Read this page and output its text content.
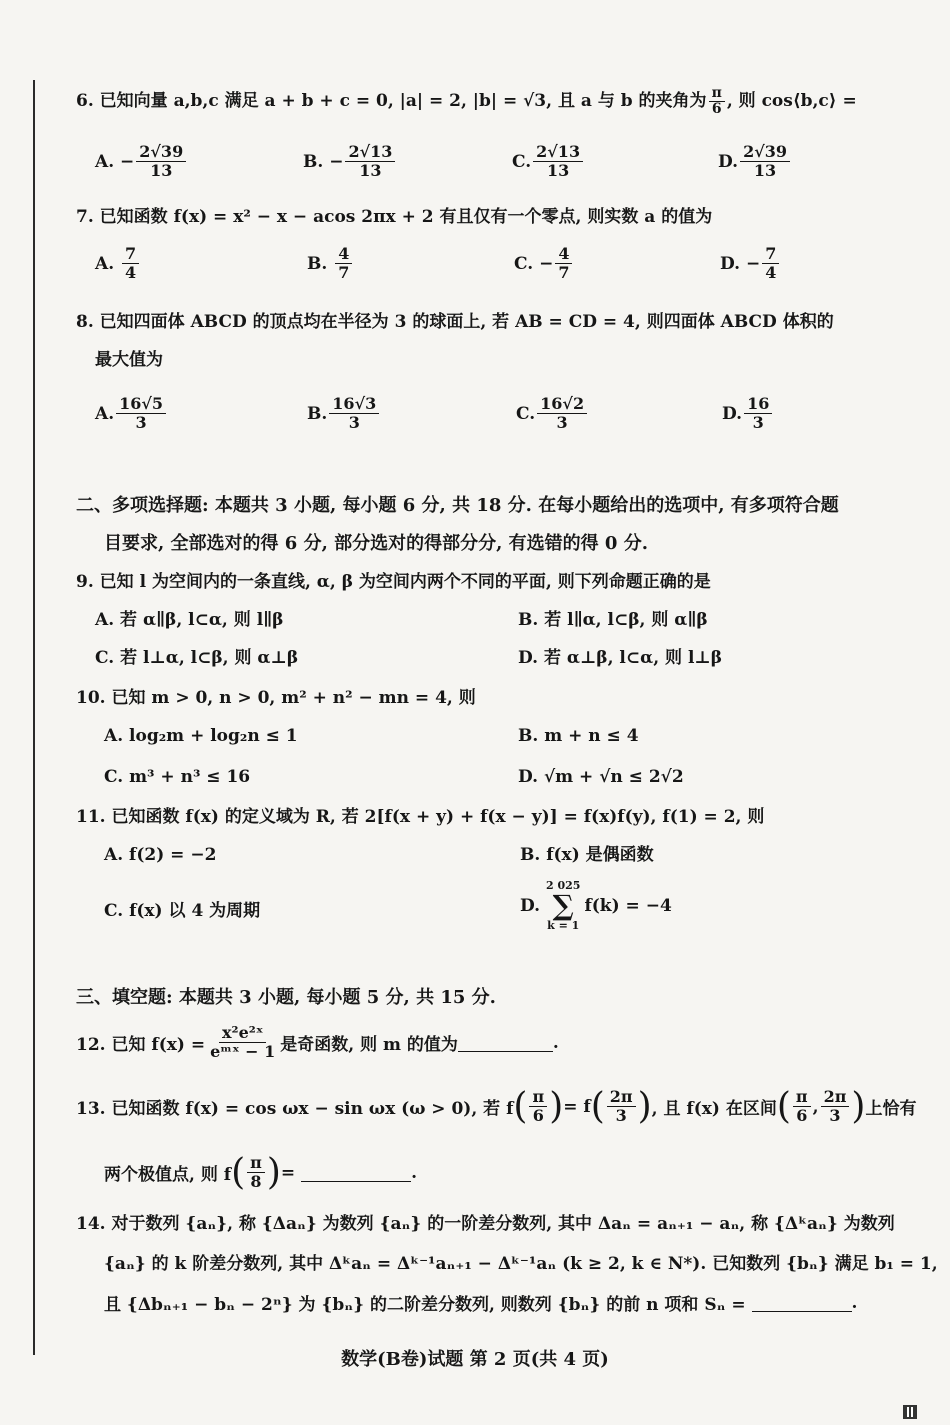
6. 已知向量 a,b,c 满足 a + b + c = 0, |a| = 2, |b| = √3, 且 a 与 b 的夹角为 $\frac{\pi}{6}$ , 则 cos⟨b,c⟩ =
A.
− $\frac{2√39}{13}$	B.
− $\frac{2√13}{13}$	C. $\frac{2√13}{13}$	D. $\frac{2√39}{13}$
7. 已知函数 f(x) = x² − x − acos 2πx + 2 有且仅有一个零点, 则实数 a 的值为
A.
$\frac{7}{4}$	B.
$\frac{4}{7}$	C.
− $\frac{4}{7}$	D.
− $\frac{7}{4}$
8. 已知四面体 ABCD 的顶点均在半径为 3 的球面上, 若 AB = CD = 4, 则四面体 ABCD 体积的
最大值为
A. $\frac{16√5}{3}$	B. $\frac{16√3}{3}$	C. $\frac{16√2}{3}$	D. $\frac{16}{3}$
二、多项选择题: 本题共 3 小题, 每小题 6 分, 共 18 分. 在每小题给出的选项中, 有多项符合题
目要求, 全部选对的得 6 分, 部分选对的得部分分, 有选错的得 0 分.
9. 已知 l 为空间内的一条直线, α, β 为空间内两个不同的平面, 则下列命题正确的是
A. 若 α∥β, l⊂α, 则 l∥β	B. 若 l∥α, l⊂β, 则 α∥β
C. 若 l⊥α, l⊂β, 则 α⊥β	D. 若 α⊥β, l⊂α, 则 l⊥β
10. 已知 m > 0, n > 0, m² + n² − mn = 4, 则
A. log₂m + log₂n ≤ 1	B. m + n ≤ 4
C. m³ + n³ ≤ 16	D. √m + √n ≤ 2√2
11. 已知函数 f(x) 的定义域为 R, 若 2[f(x + y) + f(x − y)] = f(x)f(y), f(1) = 2, 则
A. f(2) = −2	B. f(x) 是偶函数
C. f(x) 以 4 为周期	D.

2 025
∑
k = 1
f(k) = −4
三、填空题: 本题共 3 小题, 每小题 5 分, 共 15 分.
12. 已知 $f(x) = \frac{\text{x²e²ˣ}}{\text{eᵐˣ − 1}}$ 是奇函数, 则 m 的值为	.
13. 已知函数 f(x) = cos ωx − sin ωx (ω > 0), 若 f ( $\frac{\pi}{6}$ ) = f ( $\frac{2\pi}{3}$ ) , 且 f(x) 在区间 ( $\frac{\pi}{6}$ , $\frac{2\pi}{3}$ ) 上恰有
两个极值点, 则 f ( $\frac{\pi}{8}$ ) =
	.
14. 对于数列 {aₙ}, 称 {Δaₙ} 为数列 {aₙ} 的一阶差分数列, 其中 Δaₙ = aₙ₊₁ − aₙ, 称 {Δᵏaₙ} 为数列
{aₙ} 的 k 阶差分数列, 其中 Δᵏaₙ = Δᵏ⁻¹aₙ₊₁ − Δᵏ⁻¹aₙ (k ≥ 2, k ∈ N*). 已知数列 {bₙ} 满足 b₁ = 1,
且 {Δbₙ₊₁ − bₙ − 2ⁿ} 为 {bₙ} 的二阶差分数列, 则数列 {bₙ} 的前 n 项和 Sₙ =
	.
数学(B卷)试题 第 2 页(共 4 页)
